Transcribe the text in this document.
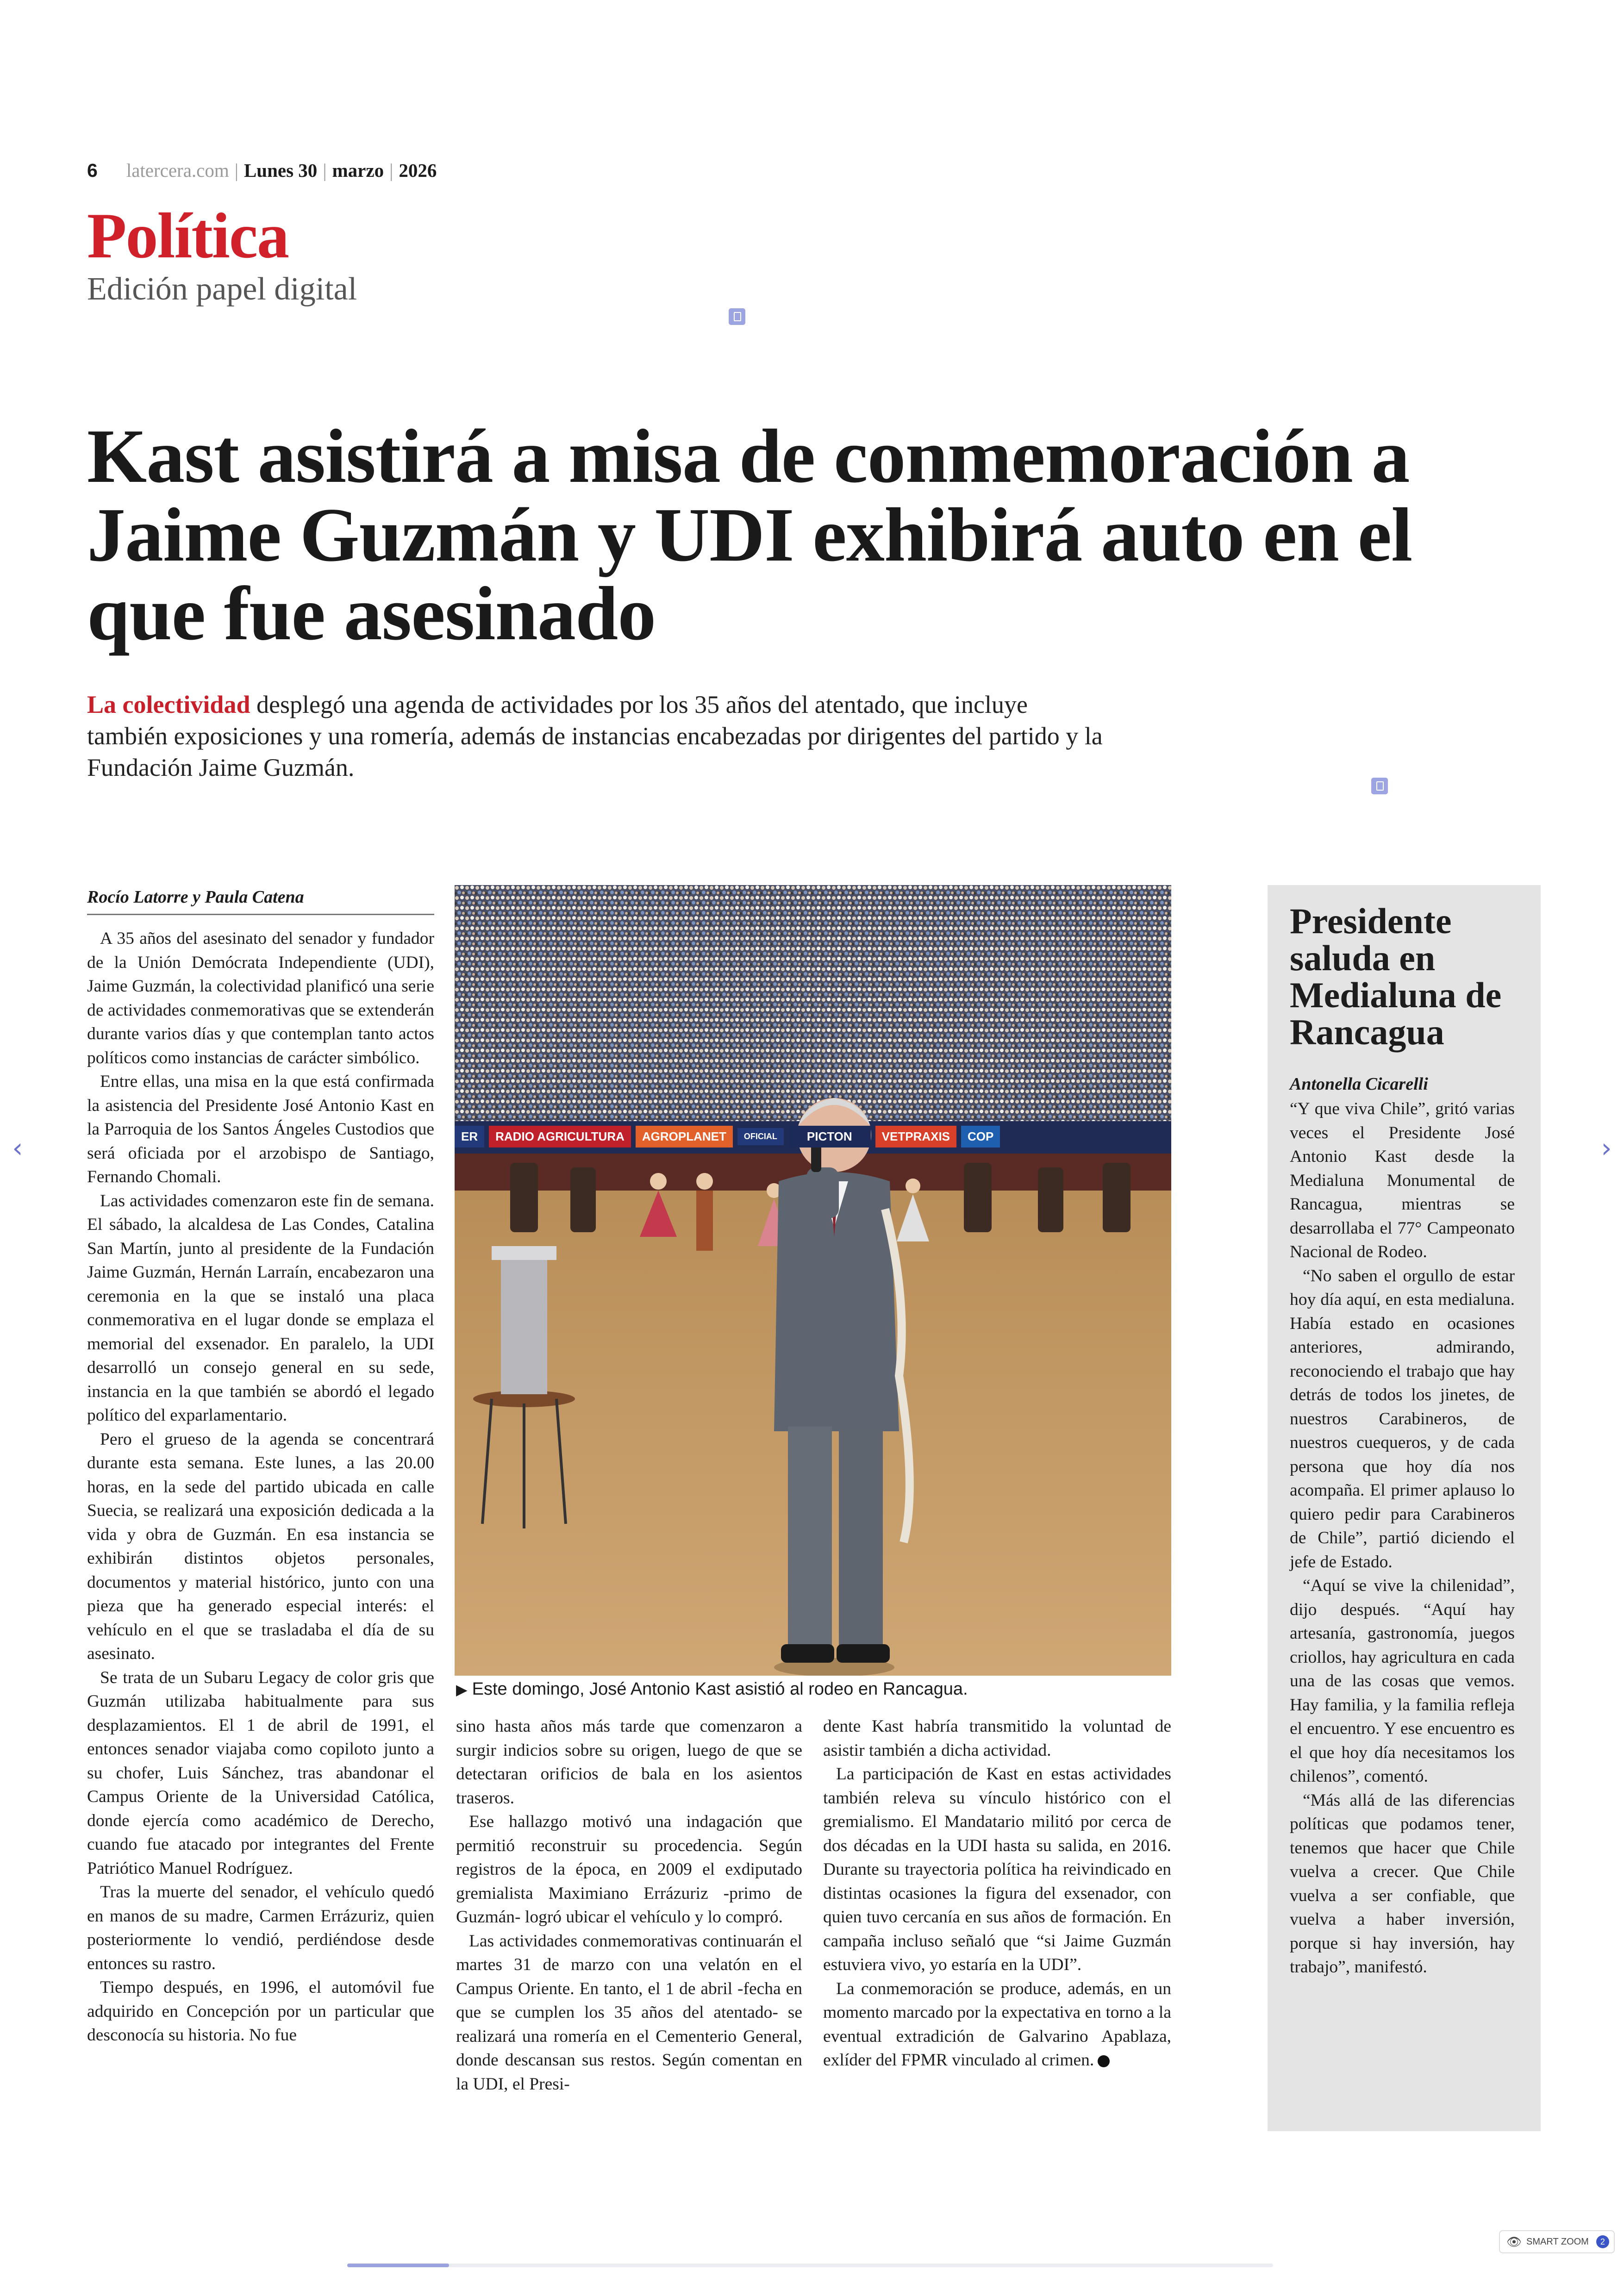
6 latercera.com | Lunes 30 | marzo | 2026
Política
Edición papel digital
Kast asistirá a misa de conmemoración a Jaime Guzmán y UDI exhibirá auto en el que fue asesinado
La colectividad desplegó una agenda de actividades por los 35 años del atentado, que incluye también exposiciones y una romería, además de instancias encabezadas por dirigentes del partido y la Fundación Jaime Guzmán.
Rocío Latorre y Paula Catena

A 35 años del asesinato del senador y fundador de la Unión Demócrata Independiente (UDI), Jaime Guzmán, la colectividad planificó una serie de actividades conmemorativas que se extenderán durante varios días y que contemplan tanto actos políticos como instancias de carácter simbólico.

Entre ellas, una misa en la que está confirmada la asistencia del Presidente José Antonio Kast en la Parroquia de los Santos Ángeles Custodios que será oficiada por el arzobispo de Santiago, Fernando Chomali.

Las actividades comenzaron este fin de semana. El sábado, la alcaldesa de Las Condes, Catalina San Martín, junto al presidente de la Fundación Jaime Guzmán, Hernán Larraín, encabezaron una ceremonia en la que se instaló una placa conmemorativa en el lugar donde se emplaza el memorial del exsenador. En paralelo, la UDI desarrolló un consejo general en su sede, instancia en la que también se abordó el legado político del exparlamentario.

Pero el grueso de la agenda se concentrará durante esta semana. Este lunes, a las 20.00 horas, en la sede del partido ubicada en calle Suecia, se realizará una exposición dedicada a la vida y obra de Guzmán. En esa instancia se exhibirán distintos objetos personales, documentos y material histórico, junto con una pieza que ha generado especial interés: el vehículo en el que se trasladaba el día de su asesinato.

Se trata de un Subaru Legacy de color gris que Guzmán utilizaba habitualmente para sus desplazamientos. El 1 de abril de 1991, el entonces senador viajaba como copiloto junto a su chofer, Luis Sánchez, tras abandonar el Campus Oriente de la Universidad Católica, donde ejercía como académico de Derecho, cuando fue atacado por integrantes del Frente Patriótico Manuel Rodríguez.

Tras la muerte del senador, el vehículo quedó en manos de su madre, Carmen Errázuriz, quien posteriormente lo vendió, perdiéndose desde entonces su rastro.

Tiempo después, en 1996, el automóvil fue adquirido en Concepción por un particular que desconocía su historia. No fue

ER	RADIO AGRICULTURA	AGROPLANET	OFICIAL	PICTON	VETPRAXIS	COP
▶ Este domingo, José Antonio Kast asistió al rodeo en Rancagua.

sino hasta años más tarde que comenzaron a surgir indicios sobre su origen, luego de que se detectaran orificios de bala en los asientos traseros.

Ese hallazgo motivó una indagación que permitió reconstruir su procedencia. Según registros de la época, en 2009 el exdiputado gremialista Maximiano Errázuriz -primo de Guzmán- logró ubicar el vehículo y lo compró.

Las actividades conmemorativas continuarán el martes 31 de marzo con una velatón en el Campus Oriente. En tanto, el 1 de abril -fecha en que se cumplen los 35 años del atentado- se realizará una romería en el Cementerio General, donde descansan sus restos. Según comentan en la UDI, el Presi-

dente Kast habría transmitido la voluntad de asistir también a dicha actividad.

La participación de Kast en estas actividades también releva su vínculo histórico con el gremialismo. El Mandatario militó por cerca de dos décadas en la UDI hasta su salida, en 2016. Durante su trayectoria política ha reivindicado en distintas ocasiones la figura del exsenador, con quien tuvo cercanía en sus años de formación. En campaña incluso señaló que “si Jaime Guzmán estuviera vivo, yo estaría en la UDI”.

La conmemoración se produce, además, en un momento marcado por la expectativa en torno a la eventual extradición de Galvarino Apablaza, exlíder del FPMR vinculado al crimen.

Presidente saluda en Medialuna de Rancagua
Antonella Cicarelli

“Y que viva Chile”, gritó varias veces el Presidente José Antonio Kast desde la Medialuna Monumental de Rancagua, mientras se desarrollaba el 77° Campeonato Nacional de Rodeo.

“No saben el orgullo de estar hoy día aquí, en esta medialuna. Había estado en ocasiones anteriores, admirando, reconociendo el trabajo que hay detrás de todos los jinetes, de nuestros Carabineros, de nuestros cuequeros, y de cada persona que hoy día nos acompaña. El primer aplauso lo quiero pedir para Carabineros de Chile”, partió diciendo el jefe de Estado.

“Aquí se vive la chilenidad”, dijo después. “Aquí hay artesanía, gastronomía, juegos criollos, hay agricultura en cada una de las cosas que vemos. Hay familia, y la familia refleja el encuentro. Y ese encuentro es el que hoy día necesitamos los chilenos”, comentó.

“Más allá de las diferencias políticas que podamos tener, tenemos que hacer que Chile vuelva a crecer. Que Chile vuelva a ser confiable, que vuelva a haber inversión, porque si hay inversión, hay trabajo”, manifestó.

‹	›
👁 SMART ZOOM	2
